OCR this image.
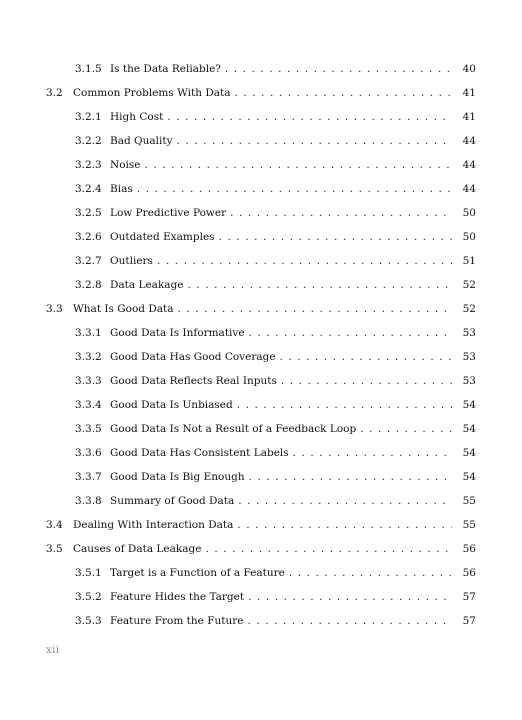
3.1.5 Is the Data Reliable? . . .	40
3.2 Common Problems With Data . . .	41
3.2.1 High Cost . . .	41
3.2.2 Bad Quality . . .	44
3.2.3 Noise . . .	44
3.2.4 Bias . . .	44
3.2.5 Low Predictive Power . . .	50
3.2.6 Outdated Examples . . .	50
3.2.7 Outliers . . .	51
3.2.8 Data Leakage . . .	52
3.3 What Is Good Data . . .	52
3.3.1 Good Data Is Informative . . .	53
3.3.2 Good Data Has Good Coverage . . .	53
3.3.3 Good Data Reflects Real Inputs . . .	53
3.3.4 Good Data Is Unbiased . . .	54
3.3.5 Good Data Is Not a Result of a Feedback Loop . . .	54
3.3.6 Good Data Has Consistent Labels . . .	54
3.3.7 Good Data Is Big Enough . . .	54
3.3.8 Summary of Good Data . . .	55
3.4 Dealing With Interaction Data . . .	55
3.5 Causes of Data Leakage . . .	56
3.5.1 Target is a Function of a Feature . . .	56
3.5.2 Feature Hides the Target . . .	57
3.5.3 Feature From the Future . . .	57
xii
